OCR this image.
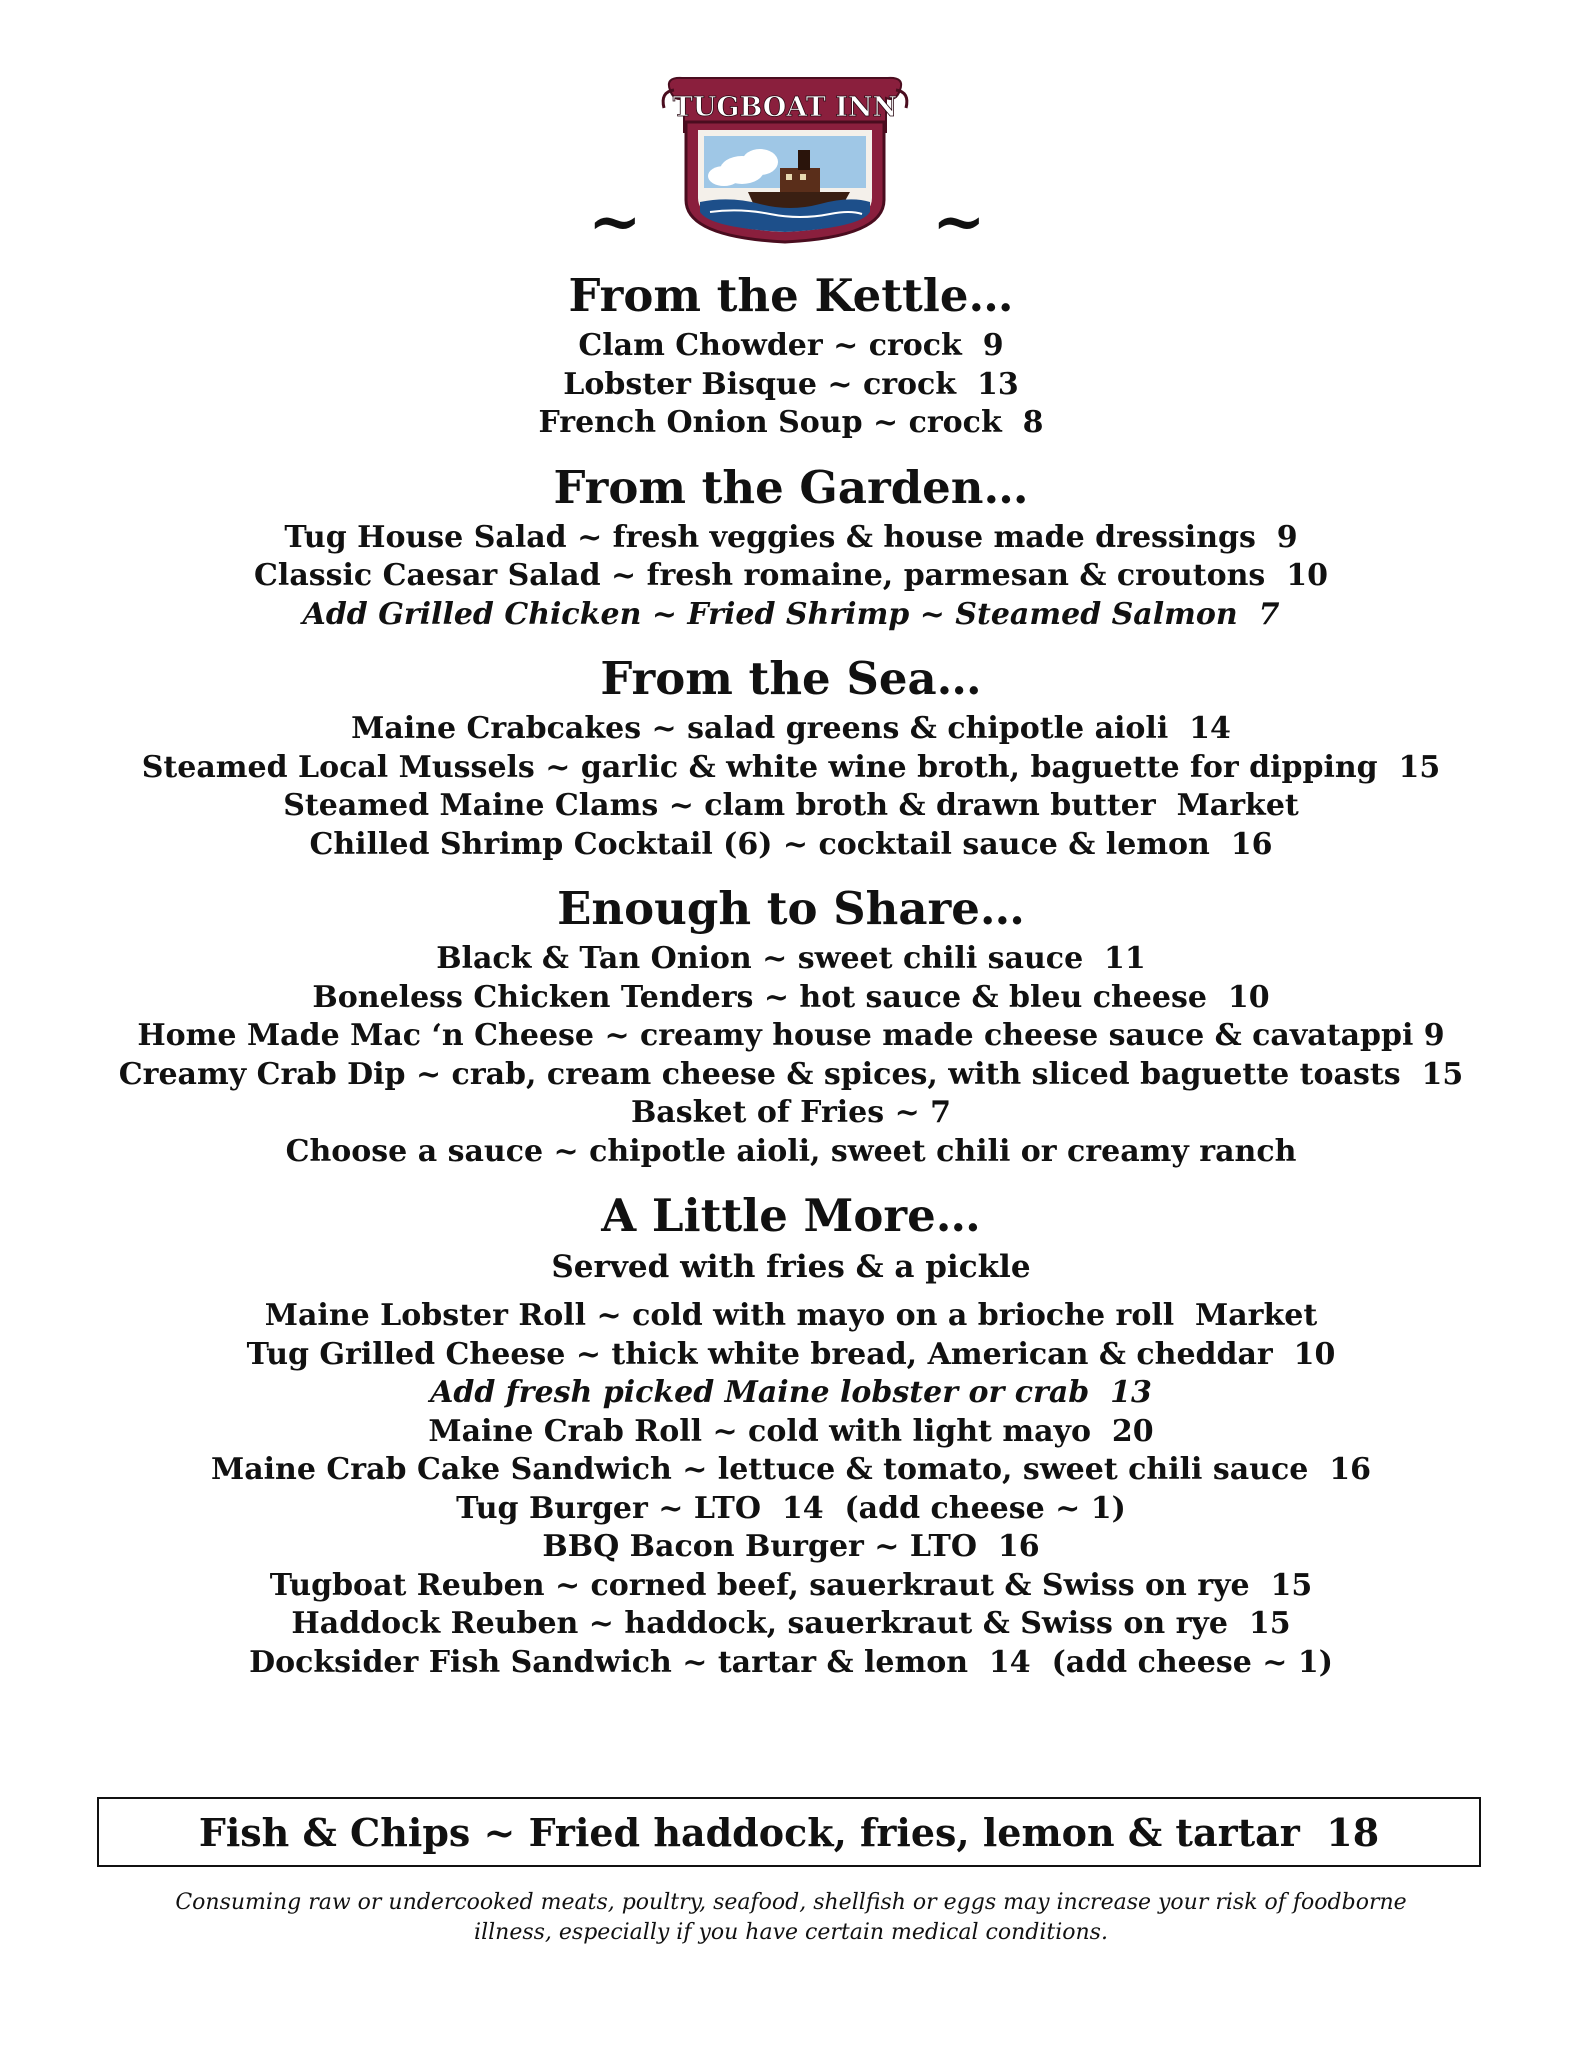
~
TUGBOAT INN
~
From the Kettle…
Clam Chowder ~ crock  9
Lobster Bisque ~ crock  13
French Onion Soup ~ crock  8
From the Garden…
Tug House Salad ~ fresh veggies & house made dressings  9
Classic Caesar Salad ~ fresh romaine, parmesan & croutons  10
Add Grilled Chicken ~ Fried Shrimp ~ Steamed Salmon  7
From the Sea…
Maine Crabcakes ~ salad greens & chipotle aioli  14
Steamed Local Mussels ~ garlic & white wine broth, baguette for dipping  15
Steamed Maine Clams ~ clam broth & drawn butter  Market
Chilled Shrimp Cocktail (6) ~ cocktail sauce & lemon  16
Enough to Share…
Black & Tan Onion ~ sweet chili sauce  11
Boneless Chicken Tenders ~ hot sauce & bleu cheese  10
Home Made Mac ‘n Cheese ~ creamy house made cheese sauce & cavatappi 9
Creamy Crab Dip ~ crab, cream cheese & spices, with sliced baguette toasts  15
Basket of Fries ~ 7
Choose a sauce ~ chipotle aioli, sweet chili or creamy ranch
A Little More…
Served with fries & a pickle
Maine Lobster Roll ~ cold with mayo on a brioche roll  Market
Tug Grilled Cheese ~ thick white bread, American & cheddar  10
Add fresh picked Maine lobster or crab  13
Maine Crab Roll ~ cold with light mayo  20
Maine Crab Cake Sandwich ~ lettuce & tomato, sweet chili sauce  16
Tug Burger ~ LTO  14  (add cheese ~ 1)
BBQ Bacon Burger ~ LTO  16
Tugboat Reuben ~ corned beef, sauerkraut & Swiss on rye  15
Haddock Reuben ~ haddock, sauerkraut & Swiss on rye  15
Docksider Fish Sandwich ~ tartar & lemon  14  (add cheese ~ 1)
Fish & Chips ~ Fried haddock, fries, lemon & tartar  18
Consuming raw or undercooked meats, poultry, seafood, shellfish or eggs may increase your risk of foodborne
illness, especially if you have certain medical conditions.
